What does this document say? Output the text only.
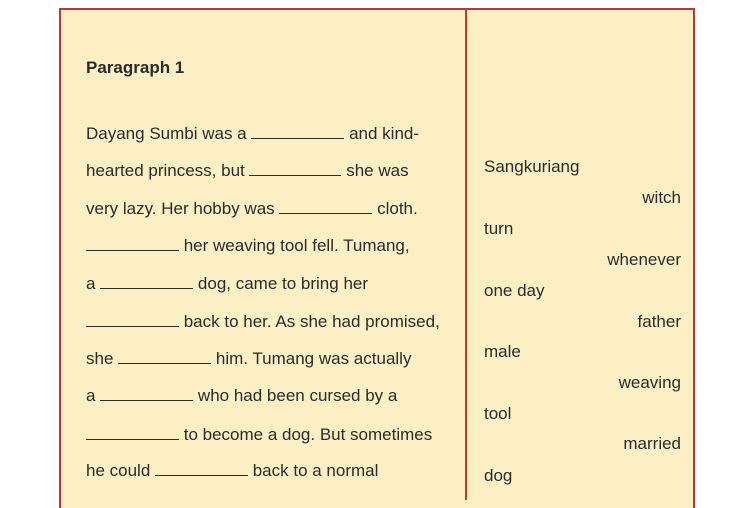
Paragraph 1
Dayang Sumbi was a	and kind-
hearted princess, but	she was
very lazy. Her hobby was	cloth.
her weaving tool fell. Tumang,
a	dog, came to bring her
back to her. As she had promised,
she	him. Tumang was actually
a	who had been cursed by a
to become a dog. But sometimes
he could	back to a normal
Sangkuriang
witch
turn
whenever
one day
father
male
weaving
tool
married
dog
